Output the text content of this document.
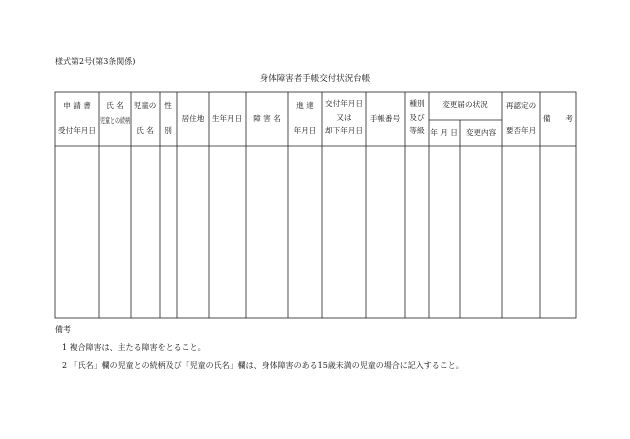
様式第2号(第3条関係)
身体障害者手帳交付状況台帳
申 請 書
受付年月日
氏 名
児童との続柄
児童の
氏 名
性
別
居住地 生年月日 障 害 名
進 達
年月日
交付年月日
又は
却下年月日
手帳番号
種別
及び
等級
変更届の状況
年 月 日 変更内容
再認定の
要否年月
備 考
備考
1 複合障害は、主たる障害をとること。
2 「氏名」欄の児童との続柄及び「児童の氏名」欄は、身体障害のある15歳未満の児童の場合に記入すること。
